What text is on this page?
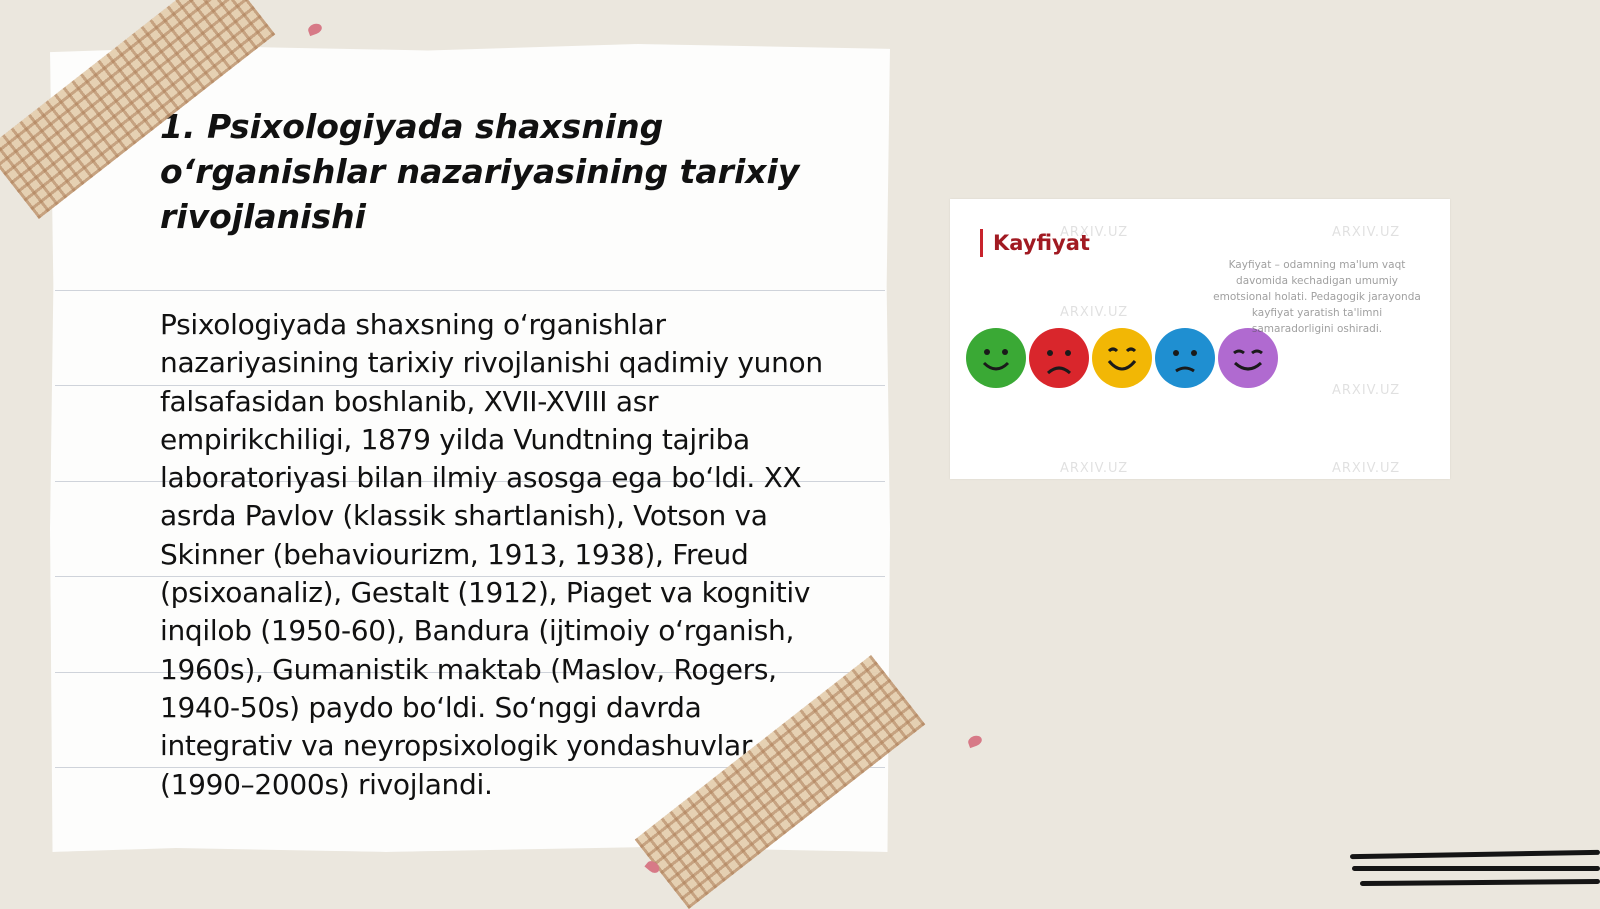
1. Psixologiyada shaxsning o‘rganishlar nazariyasining tarixiy rivojlanishi

Psixologiyada shaxsning o‘rganishlar nazariyasining tarixiy rivojlanishi qadimiy yunon falsafasidan boshlanib, XVII-XVIII asr empirikchiligi, 1879 yilda Vundtning tajriba laboratoriyasi bilan ilmiy asosga ega bo‘ldi. XX asrda Pavlov (klassik shartlanish), Votson va Skinner (behaviourizm, 1913, 1938), Freud (psixoanaliz), Gestalt (1912), Piaget va kognitiv inqilob (1950-60), Bandura (ijtimoiy o‘rganish, 1960s), Gumanistik maktab (Maslov, Rogers, 1940-50s) paydo bo‘ldi. So‘nggi davrda integrativ va neyropsixologik yondashuvlar (1990–2000s) rivojlandi.

ARXIV.UZ	ARXIV.UZ
ARXIV.UZ
ARXIV.UZ
ARXIV.UZ	ARXIV.UZ
Kayfiyat
Kayfiyat – odamning ma'lum vaqt davomida kechadigan umumiy emotsional holati. Pedagogik jarayonda kayfiyat yaratish ta'limni samaradorligini oshiradi.
